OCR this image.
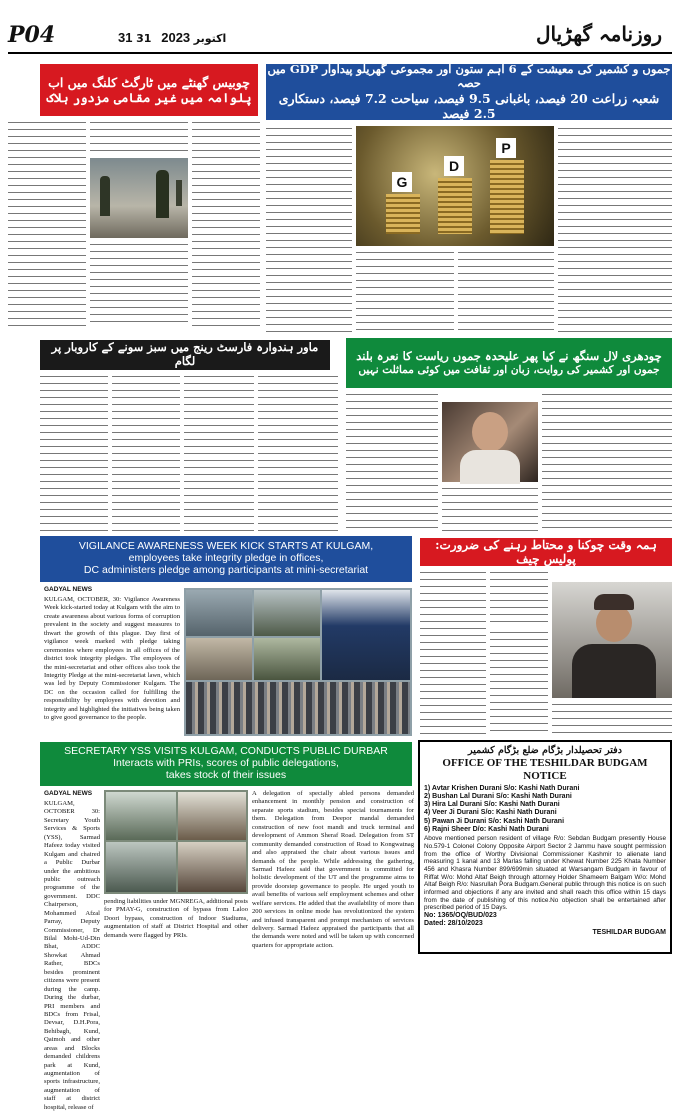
P04	31 31 اکتوبر 2023	روزنامہ گھڑیال
چوبیس گھنٹے میں ٹارگٹ کلنگ میں اب
پلوامہ میں غیر مقامی مزدور ہلاک
جموں و کشمیر کی معیشت کے 6 اہم ستون اور مجموعی گھریلو پیداوار GDP میں حصہ
شعبہ زراعت 20 فیصد، باغبانی 9.5 فیصد، سیاحت 7.2 فیصد، دستکاری 2.5 فیصد
G
D
P
ماور ہندوارہ فارسٹ رینج میں سبز سونے کے کاروبار پر لگام	چودھری لال سنگھ نے کیا پھر علیحدہ جموں ریاست کا نعرہ بلند
جموں اور کشمیر کی روایت، زبان اور ثقافت میں کوئی مماثلت نہیں
VIGILANCE AWARENESS WEEK KICK STARTS AT KULGAM,
employees take integrity pledge in offices,
DC administers pledge among participants at mini-secretariat
ہمہ وقت چوکنا و محتاط رہنے کی ضرورت: پولیس چیف
GADYAL NEWS
KULGAM, OCTOBER, 30: Vigilance Awareness Week kick-started today at Kulgam with the aim to create awareness about various forms of corruption prevalent in the society and suggest measures to thwart the growth of this plague. Day first of vigilance week marked with pledge taking ceremonies where employees in all offices of the district took integrity pledges. The employees of the mini-secretariat and other offices also took the Integrity Pledge at the mini-secretariat lawn, which was led by Deputy Commissioner Kulgam. The DC on the occasion called for fulfilling the responsibility by employees with devotion and integrity and highlighted the initiatives being taken to give good governance to the people.
SECRETARY YSS VISITS KULGAM, CONDUCTS PUBLIC DURBAR
Interacts with PRIs, scores of public delegations,
takes stock of their issues
GADYAL NEWS
KULGAM, OCTOBER 30: Secretary Youth Services & Sports (YSS), Sarmad Hafeez today visited Kulgam and chaired a Public Durbar under the ambitious public outreach programme of the government. DDC Chairperson, Mohammed Afzal Parray, Deputy Commissioner, Dr Bilal Mohi-Ud-Din Bhat, ADDC Showkat Ahmad Rather, BDCs besides prominent citizens were present during the camp. During the durbar, PRI members and BDCs from Frisal, Devsar, D.H.Pora, Behibagh, Kund, Qaimoh and other areas and Blocks demanded childrens park at Kund, augmentation of sports infrastructure, augmentation of staff at district hospital, release of
pending liabilities under MGNREGA, additional posts for PMAY-G, construction of bypass from Laloo Doori bypass, construction of Indoor Stadiums, augmentation of staff at District Hospital and other demands were flagged by PRIs.
A delegation of specially abled persons demanded enhancement in monthly pension and construction of separate sports stadium, besides special tournaments for them. Delegation from Deepor mandal demanded construction of new foot mandi and truck terminal and development of Ammon Sheraf Road. Delegation from ST community demanded construction of Road to Kongwatnag and also appraised the chair about various issues and demands of the people. While addressing the gathering, Sarmad Hafeez said that government is committed for holistic development of the UT and the programme aims to provide doorstep governance to people. He urged youth to avail benefits of various self employment schemes and other welfare services. He added that the availability of more than 200 services in online mode has revolutionized the system and infused transparent and prompt mechanism of services delivery. Sarmad Hafeez appraised the participants that all the demands were noted and will be taken up with concerned quarters for appropriate action.
دفتر تحصیلدار بڑگام ضلع بڑگام کشمیر
OFFICE OF THE TESHILDAR BUDGAM
NOTICE
1) Avtar Krishen Durani S/o: Kashi Nath Durani
2) Bushan Lal Durani S/o: Kashi Nath Durani
3) Hira Lal Durani S/o: Kashi Nath Durani
4) Veer Ji Durani S/o: Kashi Nath Durani
5) Pawan Ji Durani S/o: Kashi Nath Durani
6) Rajni Sheer D/o: Kashi Nath Durani
Above mentioned person resident of village R/o: Sebdan Budgam presently House No.579-1 Colonel Colony Opposite Airport Sector 2 Jammu have sought permission from the office of Worthy Divisional Commissioner Kashmir to alienate land measuring 1 kanal and 13 Marlas falling under Khewat Number 225 Khata Number 456 and Khasra Number 899/699min situated at Warsangam Budgam in favour of Riffat W/o: Mohd Altaf Beigh through attorney Holder Shameem Balgam W/o: Mohd Altaf Beigh R/o: Nasrullah Pora Budgam.General public through this notice is on such informed and objections if any are invited and shall reach this office within 15 days from the date of publishing of this notice.No objection shall be entertained after prescribed period of 15 Days.
No: 1365/OQ/BUD/023
Dated: 28/10/2023
TESHILDAR BUDGAM
